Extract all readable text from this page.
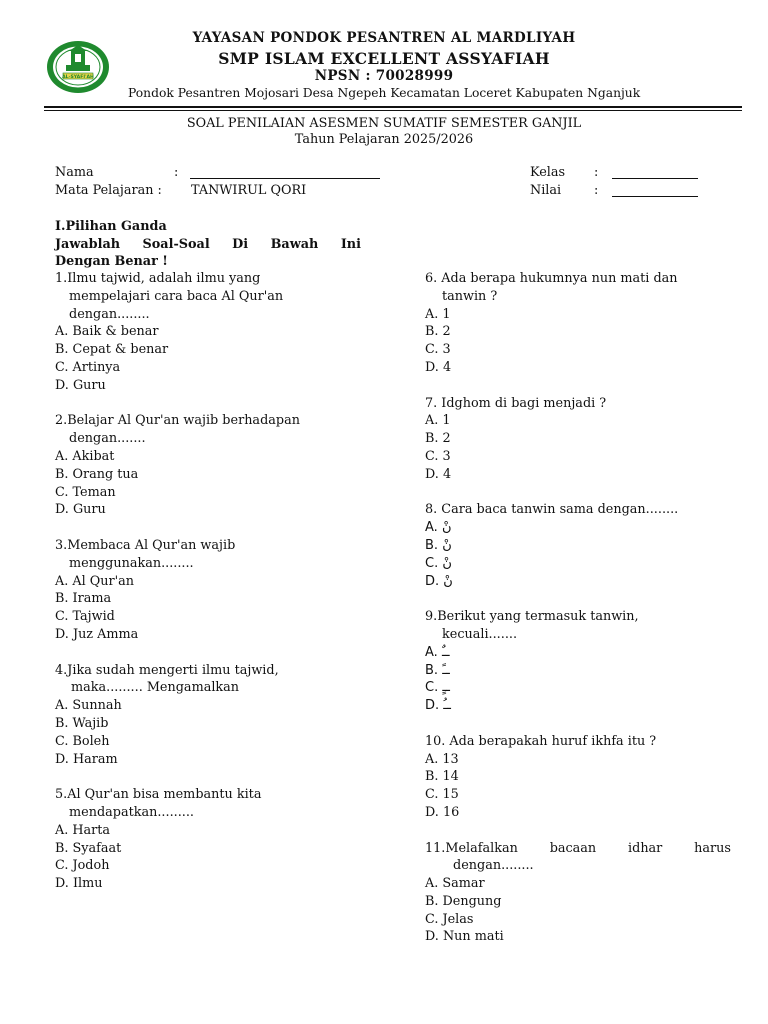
AL-SYAFI'AH
YAYASAN PONDOK PESANTREN AL MARDLIYAH
SMP ISLAM EXCELLENT ASSYAFIAH
NPSN : 70028999
Pondok Pesantren Mojosari Desa Ngepeh Kecamatan Loceret Kabupaten Nganjuk
SOAL PENILAIAN ASESMEN SUMATIF SEMESTER GANJIL
Tahun Pelajaran 2025/2026
Nama	:
Mata Pelajaran : TANWIRUL QORI
Kelas :
Nilai	:
I.Pilihan Ganda
Jawablah Soal-Soal Di Bawah Ini
Dengan Benar !
1.Ilmu tajwid, adalah ilmu yang
mempelajari cara baca Al Qur'an
dengan........
A. Baik & benar
B. Cepat & benar
C. Artinya
D. Guru
2.Belajar Al Qur'an wajib berhadapan
dengan.......
A. Akibat
B. Orang tua
C. Teman
D. Guru
3.Membaca Al Qur'an wajib
menggunakan........
A. Al Qur'an
B. Irama
C. Tajwid
D. Juz Amma
4.Jika sudah mengerti ilmu tajwid,
maka......... Mengamalkan
A. Sunnah
B. Wajib
C. Boleh
D. Haram
5.Al Qur'an bisa membantu kita
mendapatkan.........
A. Harta
B. Syafaat
C. Jodoh
D. Ilmu
6. Ada berapa hukumnya nun mati dan
tanwin ?
A. 1
B. 2
C. 3
D. 4
7. Idghom di bagi menjadi ?
A. 1
B. 2
C. 3
D. 4
8. Cara baca tanwin sama dengan........
A. نْ
B. نْ
C. نْ
D. نْ
9.Berikut yang termasuk tanwin,
kecuali.......
A. ــٌ
B. ــً
C. ــٍ
D. ــُ
10. Ada berapakah huruf ikhfa itu ?
A. 13
B. 14
C. 15
D. 16
11.Melafalkan bacaan idhar harus
dengan........
A. Samar
B. Dengung
C. Jelas
D. Nun mati
